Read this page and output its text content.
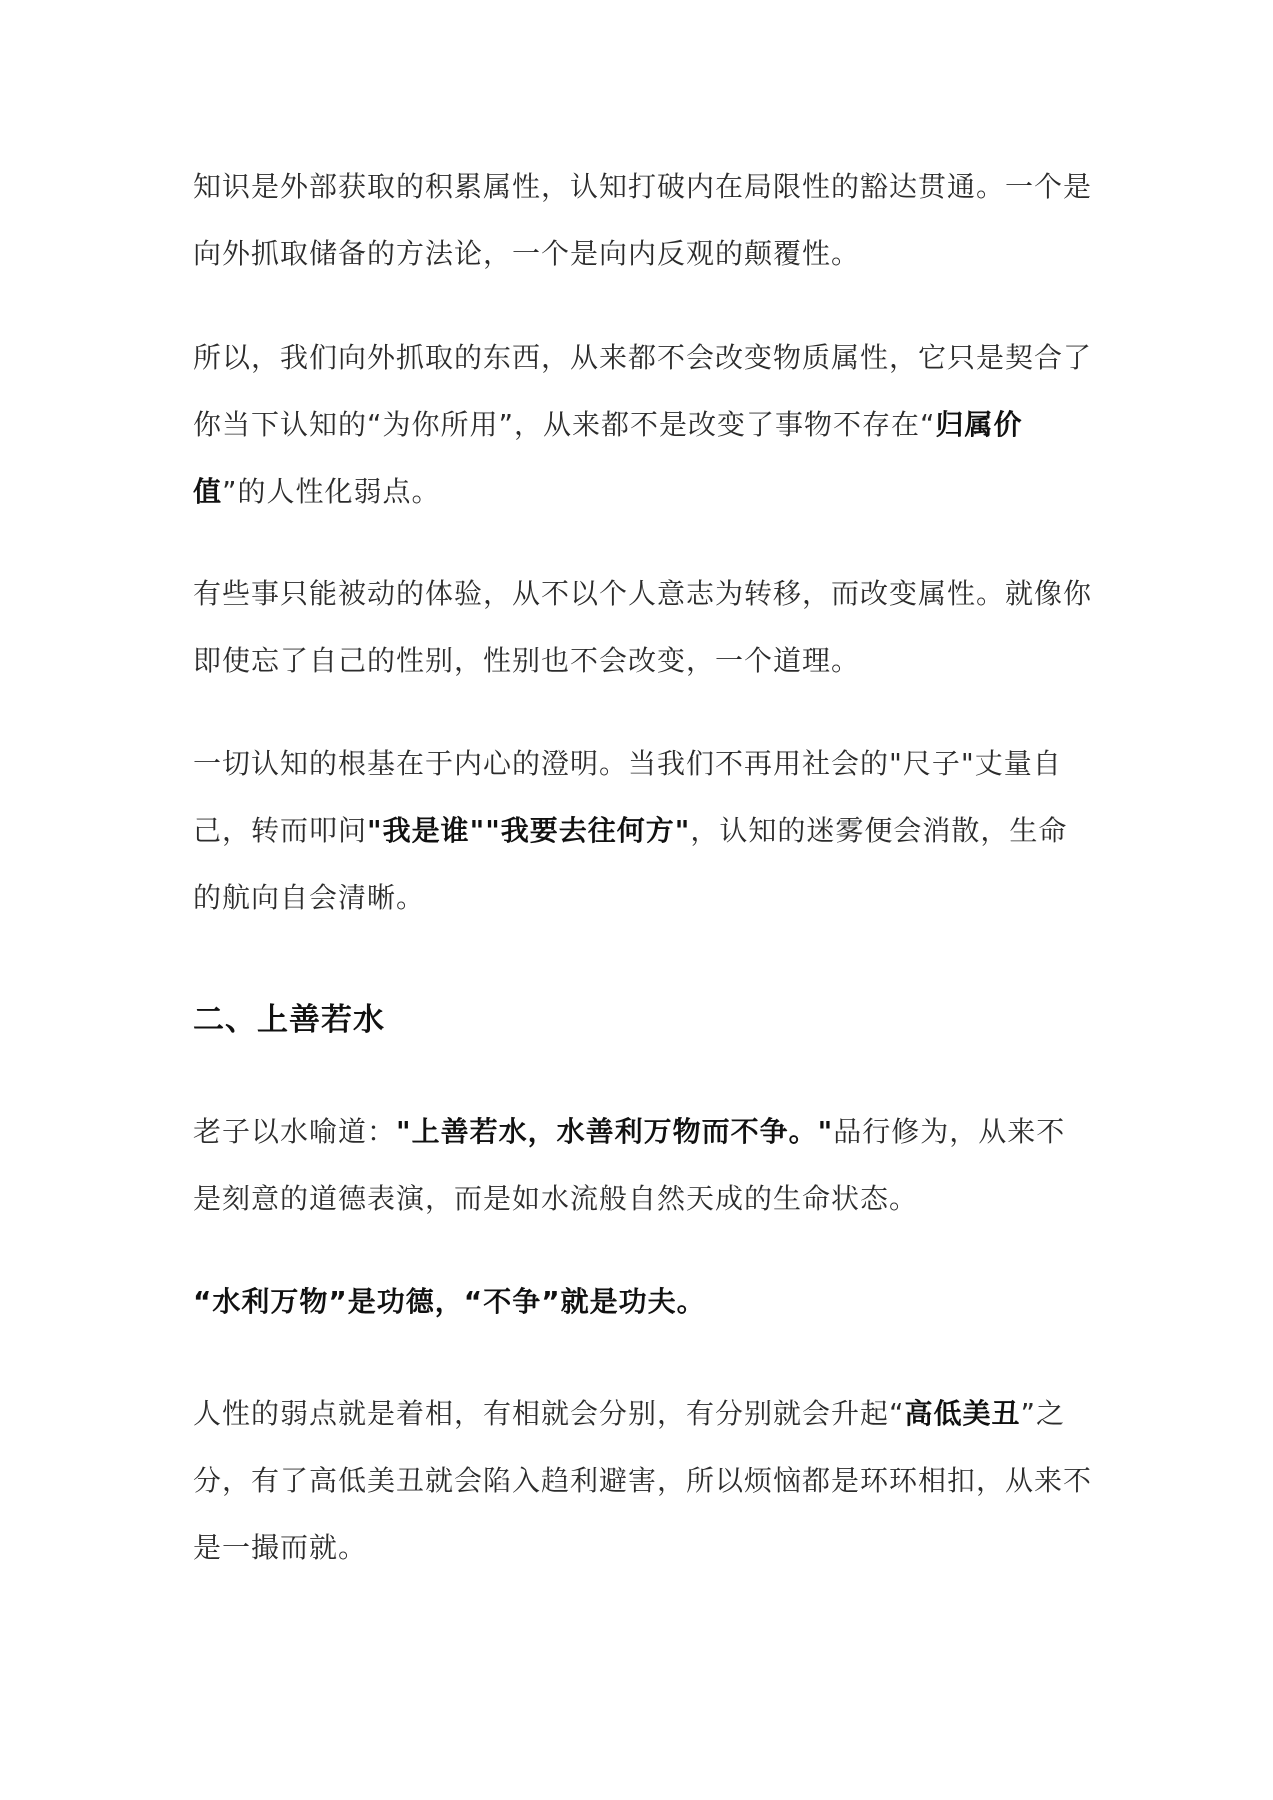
知识是外部获取的积累属性，认知打破内在局限性的豁达贯通。一个是向外抓取储备的方法论，一个是向内反观的颠覆性。

所以，我们向外抓取的东西，从来都不会改变物质属性，它只是契合了你当下认知的“为你所用”，从来都不是改变了事物不存在“归属价值”的人性化弱点。

有些事只能被动的体验，从不以个人意志为转移，而改变属性。就像你即使忘了自己的性别，性别也不会改变，一个道理。

一切认知的根基在于内心的澄明。当我们不再用社会的"尺子"丈量自己，转而叩问"我是谁""我要去往何方"，认知的迷雾便会消散，生命的航向自会清晰。

二、上善若水

老子以水喻道："上善若水，水善利万物而不争。"品行修为，从来不是刻意的道德表演，而是如水流般自然天成的生命状态。

“水利万物”是功德，“不争”就是功夫。

人性的弱点就是着相，有相就会分别，有分别就会升起“高低美丑”之分，有了高低美丑就会陷入趋利避害，所以烦恼都是环环相扣，从来不是一撮而就。
